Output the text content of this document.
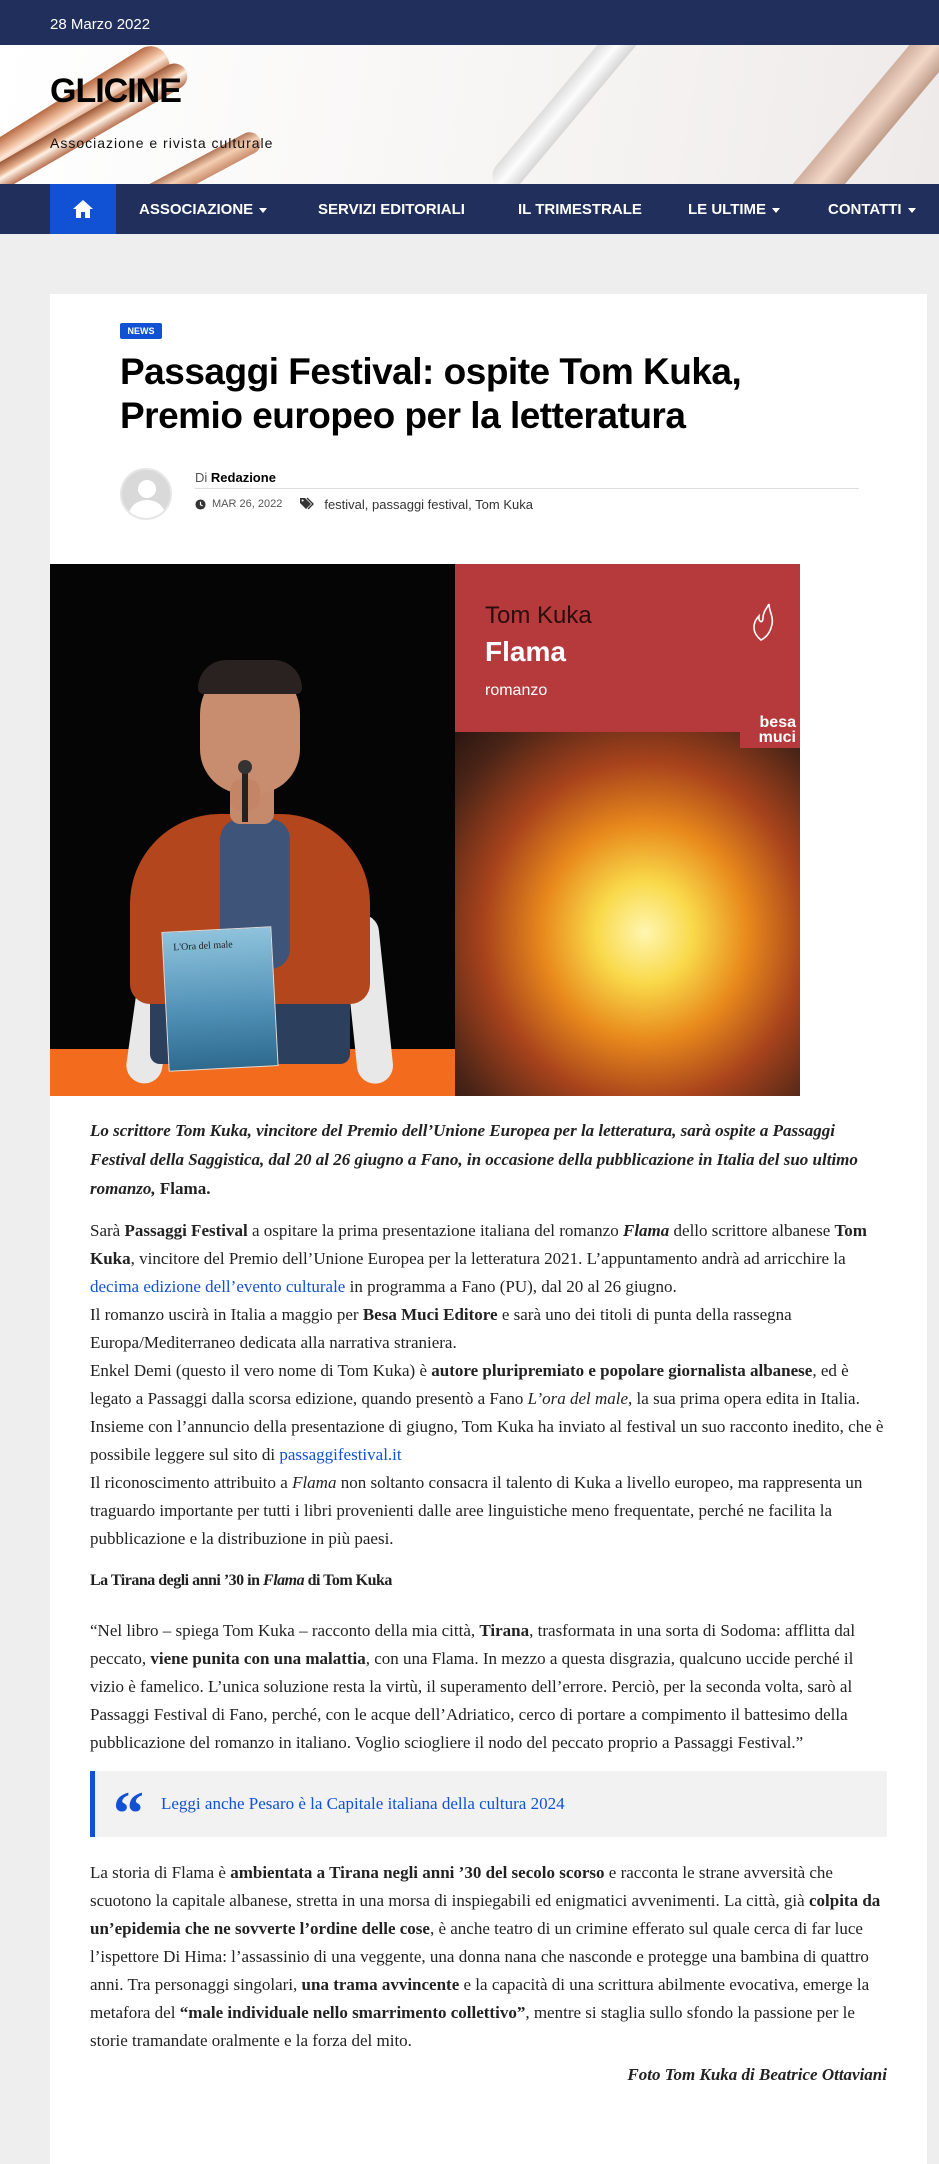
28 Marzo 2022
GLICINE
Associazione e rivista culturale
ASSOCIAZIONE	SERVIZI EDITORIALI	IL TRIMESTRALE	LE ULTIME	CONTATTI
NEWS
Passaggi Festival: ospite Tom Kuka, Premio europeo per la letteratura
Di Redazione
MAR 26, 2022	festival, passaggi festival, Tom Kuka
L'Ora del male
Tom Kuka
Flama
romanzo
besa
muci

Lo scrittore Tom Kuka, vincitore del Premio dell’Unione Europea per la letteratura, sarà ospite a Passaggi Festival della Saggistica, dal 20 al 26 giugno a Fano, in occasione della pubblicazione in Italia del suo ultimo romanzo, Flama.

Sarà Passaggi Festival a ospitare la prima presentazione italiana del romanzo Flama dello scrittore albanese Tom Kuka, vincitore del Premio dell’Unione Europea per la letteratura 2021. L’appuntamento andrà ad arricchire la decima edizione dell’evento culturale in programma a Fano (PU), dal 20 al 26 giugno.

Il romanzo uscirà in Italia a maggio per Besa Muci Editore e sarà uno dei titoli di punta della rassegna Europa/Mediterraneo dedicata alla narrativa straniera.

Enkel Demi (questo il vero nome di Tom Kuka) è autore pluripremiato e popolare giornalista albanese, ed è legato a Passaggi dalla scorsa edizione, quando presentò a Fano L’ora del male, la sua prima opera edita in Italia. Insieme con l’annuncio della presentazione di giugno, Tom Kuka ha inviato al festival un suo racconto inedito, che è possibile leggere sul sito di passaggifestival.it

Il riconoscimento attribuito a Flama non soltanto consacra il talento di Kuka a livello europeo, ma rappresenta un traguardo importante per tutti i libri provenienti dalle aree linguistiche meno frequentate, perché ne facilita la pubblicazione e la distribuzione in più paesi.

La Tirana degli anni ’30 in Flama di Tom Kuka

“Nel libro – spiega Tom Kuka – racconto della mia città, Tirana, trasformata in una sorta di Sodoma: afflitta dal peccato, viene punita con una malattia, con una Flama. In mezzo a questa disgrazia, qualcuno uccide perché il vizio è famelico. L’unica soluzione resta la virtù, il superamento dell’errore. Perciò, per la seconda volta, sarò al Passaggi Festival di Fano, perché, con le acque dell’Adriatico, cerco di portare a compimento il battesimo della pubblicazione del romanzo in italiano. Voglio sciogliere il nodo del peccato proprio a Passaggi Festival.”

“ Leggi anche Pesaro è la Capitale italiana della cultura 2024

La storia di Flama è ambientata a Tirana negli anni ’30 del secolo scorso e racconta le strane avversità che scuotono la capitale albanese, stretta in una morsa di inspiegabili ed enigmatici avvenimenti. La città, già colpita da un’epidemia che ne sovverte l’ordine delle cose, è anche teatro di un crimine efferato sul quale cerca di far luce l’ispettore Di Hima: l’assassinio di una veggente, una donna nana che nasconde e protegge una bambina di quattro anni. Tra personaggi singolari, una trama avvincente e la capacità di una scrittura abilmente evocativa, emerge la metafora del “male individuale nello smarrimento collettivo”, mentre si staglia sullo sfondo la passione per le storie tramandate oralmente e la forza del mito.

Foto Tom Kuka di Beatrice Ottaviani
